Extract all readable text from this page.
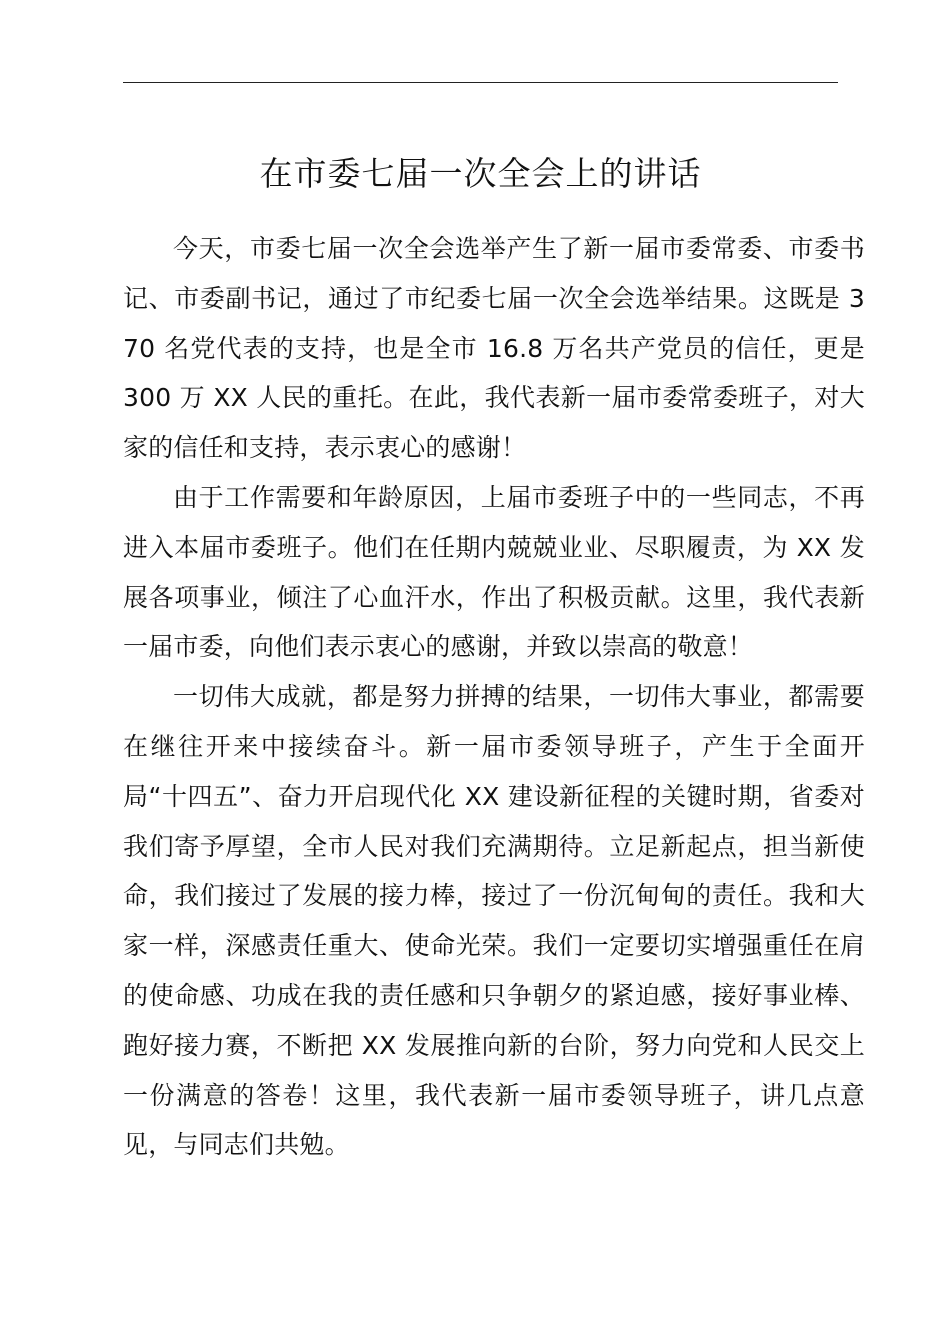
在市委七届一次全会上的讲话

今天，市委七届一次全会选举产生了新一届市委常委、市委书记、市委副书记，通过了市纪委七届一次全会选举结果。这既是 370 名党代表的支持，也是全市 16.8 万名共产党员的信任，更是 300 万 XX 人民的重托。在此，我代表新一届市委常委班子，对大家的信任和支持，表示衷心的感谢！

由于工作需要和年龄原因，上届市委班子中的一些同志，不再进入本届市委班子。他们在任期内兢兢业业、尽职履责，为 XX 发展各项事业，倾注了心血汗水，作出了积极贡献。这里，我代表新一届市委，向他们表示衷心的感谢，并致以崇高的敬意！

一切伟大成就，都是努力拼搏的结果，一切伟大事业，都需要在继往开来中接续奋斗。新一届市委领导班子，产生于全面开局“十四五”、奋力开启现代化 XX 建设新征程的关键时期，省委对我们寄予厚望，全市人民对我们充满期待。立足新起点，担当新使命，我们接过了发展的接力棒，接过了一份沉甸甸的责任。我和大家一样，深感责任重大、使命光荣。我们一定要切实增强重任在肩的使命感、功成在我的责任感和只争朝夕的紧迫感，接好事业棒、跑好接力赛，不断把 XX 发展推向新的台阶，努力向党和人民交上一份满意的答卷！这里，我代表新一届市委领导班子，讲几点意见，与同志们共勉。
